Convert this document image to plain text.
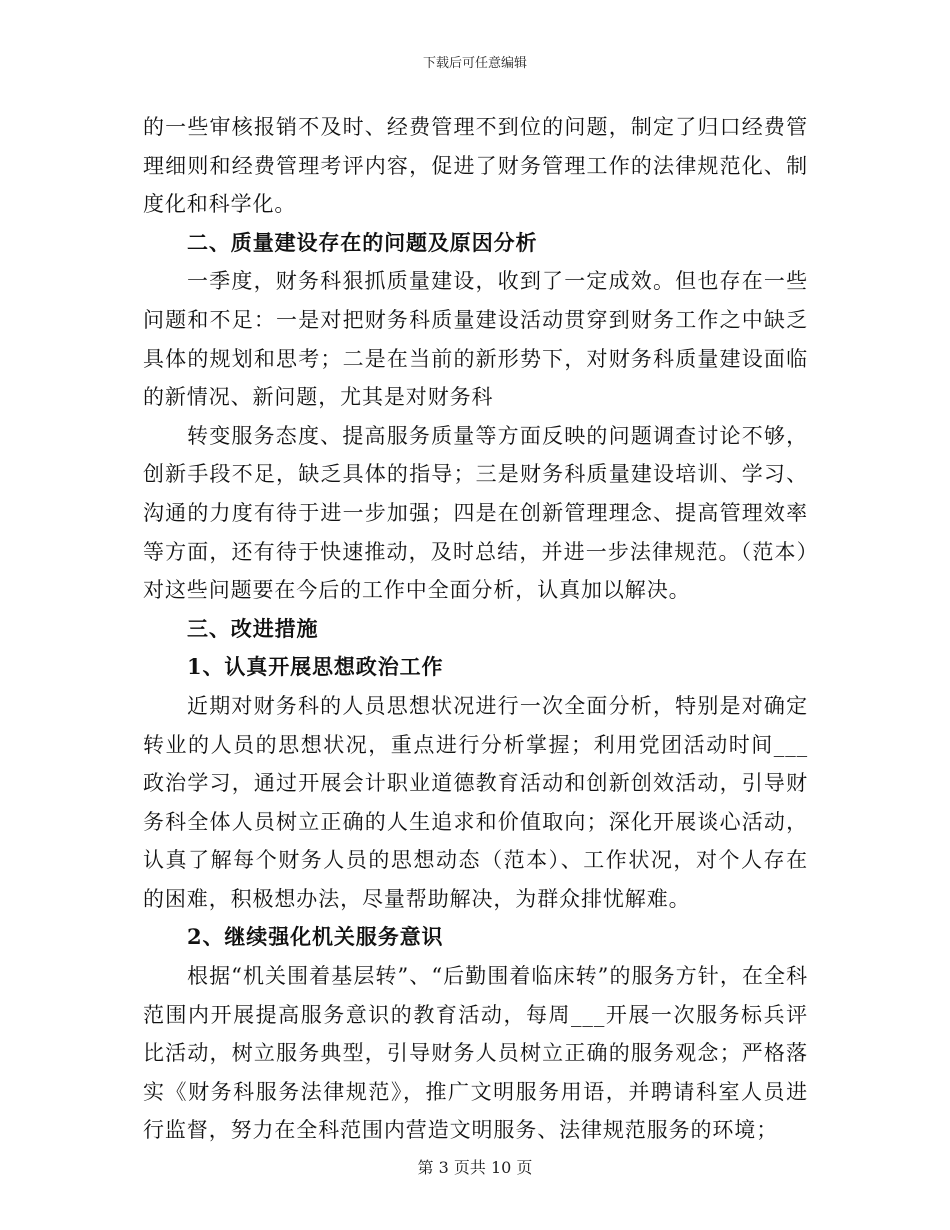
下载后可任意编辑

的一些审核报销不及时、经费管理不到位的问题，制定了归口经费管理细则和经费管理考评内容，促进了财务管理工作的法律规范化、制度化和科学化。

二、质量建设存在的问题及原因分析

一季度，财务科狠抓质量建设，收到了一定成效。但也存在一些问题和不足：一是对把财务科质量建设活动贯穿到财务工作之中缺乏具体的规划和思考；二是在当前的新形势下，对财务科质量建设面临的新情况、新问题，尤其是对财务科

转变服务态度、提高服务质量等方面反映的问题调查讨论不够，创新手段不足，缺乏具体的指导；三是财务科质量建设培训、学习、沟通的力度有待于进一步加强；四是在创新管理理念、提高管理效率等方面，还有待于快速推动，及时总结，并进一步法律规范。（范本）对这些问题要在今后的工作中全面分析，认真加以解决。

三、改进措施

1、认真开展思想政治工作

近期对财务科的人员思想状况进行一次全面分析，特别是对确定转业的人员的思想状况，重点进行分析掌握；利用党团活动时间___政治学习，通过开展会计职业道德教育活动和创新创效活动，引导财务科全体人员树立正确的人生追求和价值取向；深化开展谈心活动，认真了解每个财务人员的思想动态（范本）、工作状况，对个人存在的困难，积极想办法，尽量帮助解决，为群众排忧解难。

2、继续强化机关服务意识

根据“机关围着基层转”、“后勤围着临床转”的服务方针，在全科范围内开展提高服务意识的教育活动，每周___开展一次服务标兵评比活动，树立服务典型，引导财务人员树立正确的服务观念；严格落实《财务科服务法律规范》，推广文明服务用语，并聘请科室人员进行监督，努力在全科范围内营造文明服务、法律规范服务的环境；

第 3 页共 10 页
